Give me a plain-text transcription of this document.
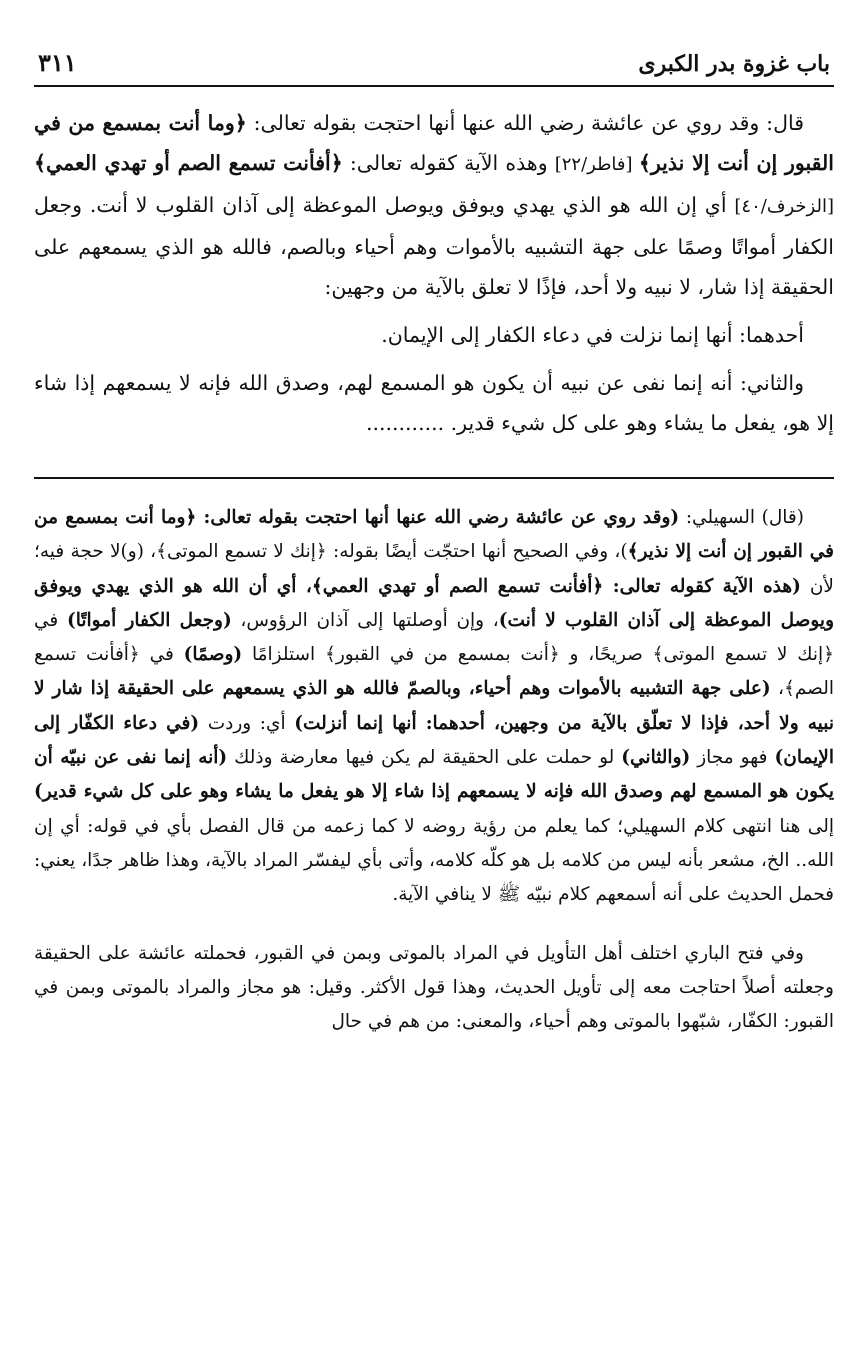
باب غزوة بدر الكبرى
٣١١

قال: وقد روي عن عائشة رضي الله عنها أنها احتجت بقوله تعالى: ﴿وما أنت بمسمع من في القبور إن أنت إلا نذير﴾ [فاطر/٢٢] وهذه الآية كقوله تعالى: ﴿أفأنت تسمع الصم أو تهدي العمي﴾ [الزخرف/٤٠] أي إن الله هو الذي يهدي ويوفق ويوصل الموعظة إلى آذان القلوب لا أنت. وجعل الكفار أمواتًا وصمًا على جهة التشبيه بالأموات وهم أحياء وبالصم، فالله هو الذي يسمعهم على الحقيقة إذا شار، لا نبيه ولا أحد، فإذًا لا تعلق بالآية من وجهين:

أحدهما: أنها إنما نزلت في دعاء الكفار إلى الإيمان.

والثاني: أنه إنما نفى عن نبيه أن يكون هو المسمع لهم، وصدق الله فإنه لا يسمعهم إذا شاء إلا هو، يفعل ما يشاء وهو على كل شيء قدير. ............

(قال) السهيلي: (وقد روي عن عائشة رضي الله عنها أنها احتجت بقوله تعالى: ﴿وما أنت بمسمع من في القبور إن أنت إلا نذير﴾)، وفي الصحيح أنها احتجّت أيضًا بقوله: ﴿إنك لا تسمع الموتى﴾، (و)لا حجة فيه؛ لأن (هذه الآية كقوله تعالى: ﴿أفأنت تسمع الصم أو تهدي العمي﴾، أي أن الله هو الذي يهدي ويوفق ويوصل الموعظة إلى آذان القلوب لا أنت)، وإن أوصلتها إلى آذان الرؤوس، (وجعل الكفار أمواتًا) في ﴿إنك لا تسمع الموتى﴾ صريحًا، و ﴿أنت بمسمع من في القبور﴾ استلزامًا (وصمًا) في ﴿أفأنت تسمع الصم﴾، (على جهة التشبيه بالأموات وهم أحياء، وبالصمّ فالله هو الذي يسمعهم على الحقيقة إذا شار لا نبيه ولا أحد، فإذا لا تعلّق بالآية من وجهين، أحدهما: أنها إنما أنزلت) أي: وردت (في دعاء الكفّار إلى الإيمان) فهو مجاز (والثاني) لو حملت على الحقيقة لم يكن فيها معارضة وذلك (أنه إنما نفى عن نبيّه أن يكون هو المسمع لهم وصدق الله فإنه لا يسمعهم إذا شاء إلا هو يفعل ما يشاء وهو على كل شيء قدير) إلى هنا انتهى كلام السهيلي؛ كما يعلم من رؤية روضه لا كما زعمه من قال الفصل بأي في قوله: أي إن الله.. الخ، مشعر بأنه ليس من كلامه بل هو كلّه كلامه، وأتى بأي ليفسّر المراد بالآية، وهذا ظاهر جدًا، يعني: فحمل الحديث على أنه أسمعهم كلام نبيّه ﷺ لا ينافي الآية.

وفي فتح الباري اختلف أهل التأويل في المراد بالموتى وبمن في القبور، فحملته عائشة على الحقيقة وجعلته أصلاً احتاجت معه إلى تأويل الحديث، وهذا قول الأكثر. وقيل: هو مجاز والمراد بالموتى وبمن في القبور: الكفّار، شبّهوا بالموتى وهم أحياء، والمعنى: من هم في حال
